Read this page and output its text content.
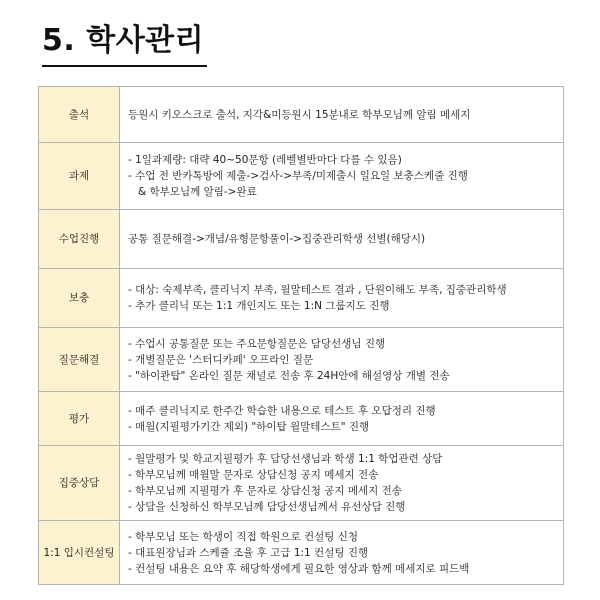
5. 학사관리
출석	등원시 키오스크로 출석, 지각&미등원시 15분내로 학부모님께 알림 메세지

과제	- 1일과제량: 대략 40~50문항 (레벨별반마다 다를 수 있음)
- 수업 전 반카톡방에 제출->검사->부족/미제출시 일요일 보충스케줄 진행
& 학부모님께 알림->완료

수업진행	공통 질문해결->개념/유형문항풀이->집중관리학생 선별(해당시)

보충	- 대상: 숙제부족, 클리닉지 부족, 월말테스트 결과 , 단원이해도 부족, 집중관리학생
- 추가 클리닉 또는 1:1 개인지도 또는 1:N 그룹지도 진행

질문해결	- 수업시 공통질문 또는 주요문항질문은 담당선생님 진행
- 개별질문은 '스터디카페' 오프라인 질문
- "하이콴탑" 온라인 질문 채널로 전송 후 24H안에 해설영상 개별 전송

평가	- 매주 클리닉지로 한주간 학습한 내용으로 테스트 후 오답정리 진행
- 매월(지필평가기간 제외) "하이탑 월말테스트" 진행

집중상담	- 월말평가 및 학교지필평가 후 담당선생님과 학생 1:1 학업관련 상담
- 학부모님께 매월말 문자로 상담신청 공지 메세지 전송
- 학부모님께 지필평가 후 문자로 상담신청 공지 메세지 전송
- 상담을 신청하신 학부모님께 담당선생님께서 유선상담 진행

1:1 입시컨설팅	- 학부모님 또는 학생이 직접 학원으로 컨설팅 신청
- 대표원장님과 스케쥴 조율 후 고급 1:1 컨설팅 진행
- 컨설팅 내용은 요약 후 해당학생에게 필요한 영상과 함께 메세지로 피드백
